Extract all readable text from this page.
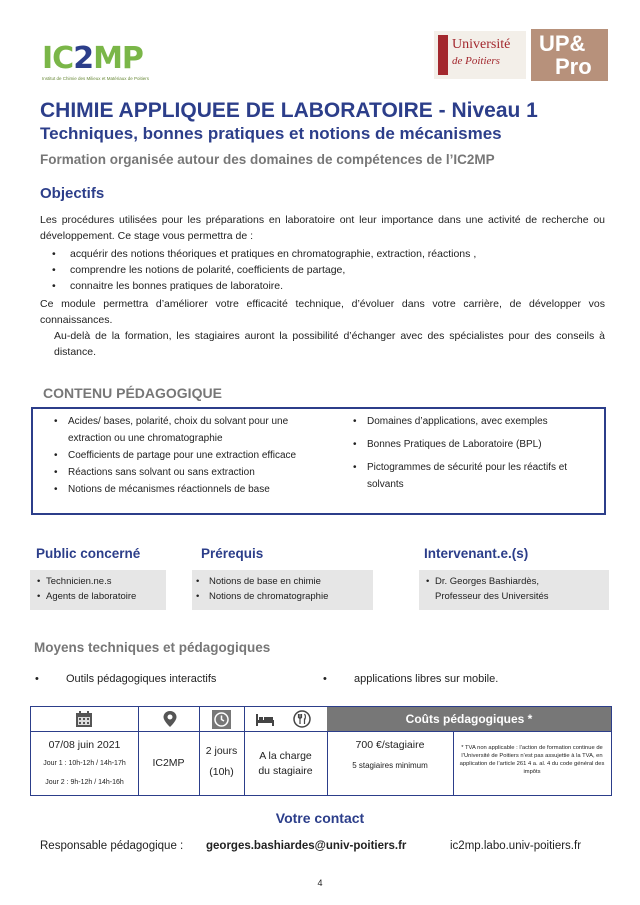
IC2MP
Institut de Chimie des Milieux et Matériaux de Poitiers
Université
de Poitiers
UP&
Pro
CHIMIE APPLIQUEE DE LABORATOIRE - Niveau 1
Techniques, bonnes pratiques et notions de mécanismes
Formation organisée autour des domaines de compétences de l’IC2MP
Objectifs
Les procédures utilisées pour les préparations en laboratoire ont leur importance dans une activité de recherche ou développement. Ce stage vous permettra de :
• acquérir des notions théoriques et pratiques en chromatographie, extraction, réactions ,
• comprendre les notions de polarité, coefficients de partage,
• connaitre les bonnes pratiques de laboratoire.
Ce module permettra d’améliorer votre efficacité technique, d’évoluer dans votre carrière, de développer vos connaissances.
Au-delà de la formation, les stagiaires auront la possibilité d’échanger avec des spécialistes pour des conseils à distance.
CONTENU PÉDAGOGIQUE
• Acides/ bases, polarité, choix du solvant pour une extraction ou une chromatographie
• Coefficients de partage pour une extraction efficace
• Réactions sans solvant ou sans extraction
• Notions de mécanismes réactionnels de base
• Domaines d’applications, avec exemples
• Bonnes Pratiques de Laboratoire (BPL)
• Pictogrammes de sécurité pour les réactifs et solvants
Public concerné
• Technicien.ne.s
• Agents de laboratoire
Prérequis
• Notions de base en chimie
• Notions de chromatographie
Intervenant.e.(s)
• Dr. Georges Bashiardès,
Professeur des Universités
Moyens techniques et pédagogiques
• Outils pédagogiques interactifs	• applications libres sur mobile.
Coûts pédagogiques *
07/08 juin 2021
Jour 1 : 10h-12h / 14h-17h
Jour 2 : 9h-12h / 14h-16h
IC2MP
2 jours
(10h)
A la charge
du stagiaire
700 €/stagiaire
5 stagiaires minimum
* TVA non applicable : l’action de formation continue de l’Université de Poitiers n’est pas assujettie à la TVA, en application de l’article 261 4 a. al. 4 du code général des impôts
Votre contact
Responsable pédagogique : georges.bashiardes@univ-poitiers.fr	ic2mp.labo.univ-poitiers.fr
4
